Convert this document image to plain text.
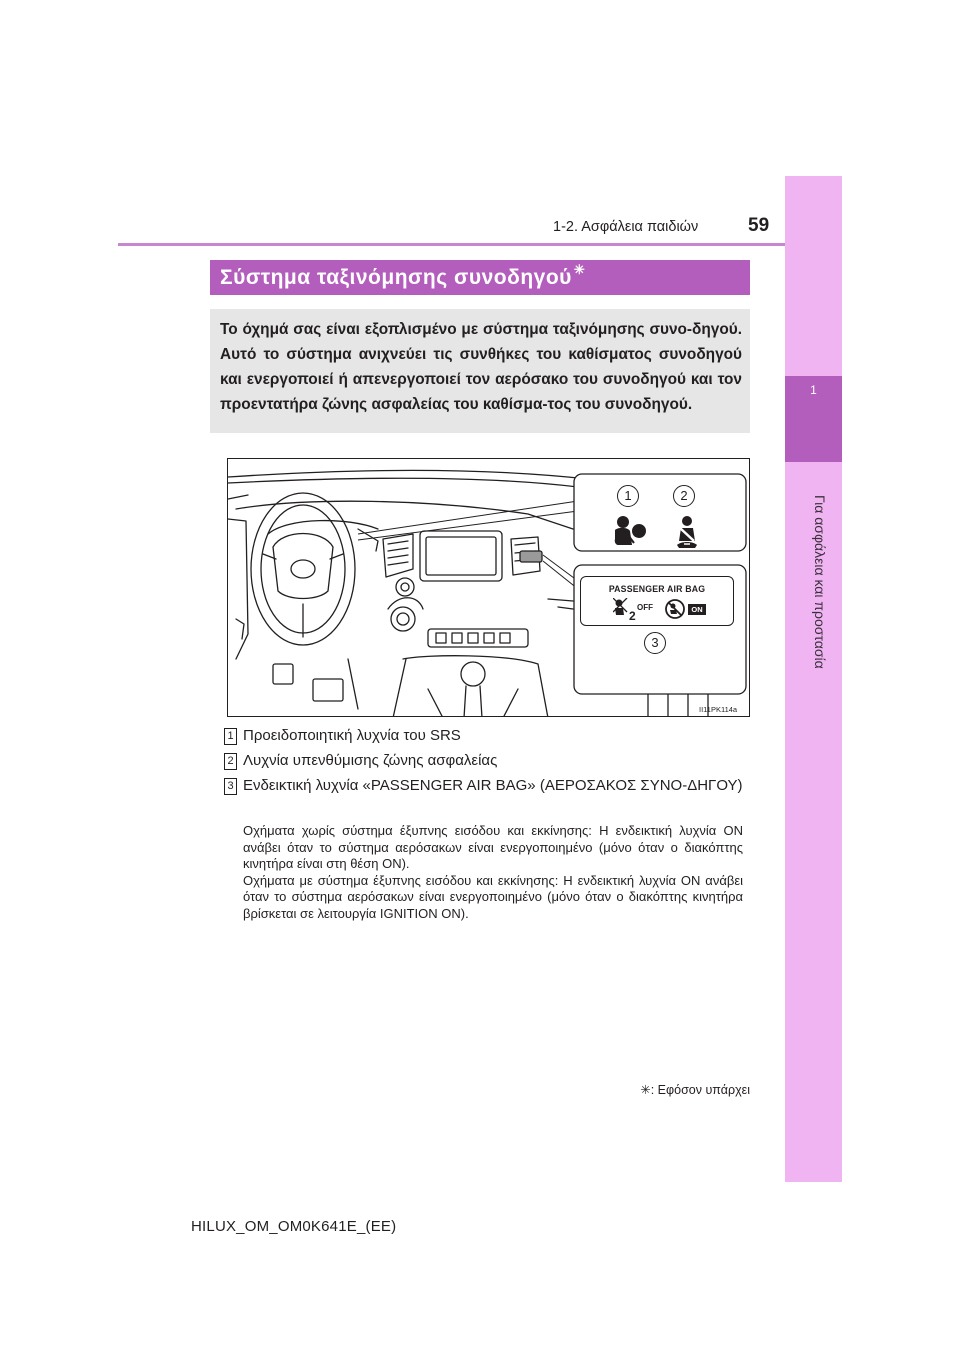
1-2. Ασφάλεια παιδιών	59
1
Για ασφάλεια και προστασία
Σύστημα ταξινόμησης συνοδηγού ✳
Το όχημά σας είναι εξοπλισμένο με σύστημα ταξινόμησης συνο-δηγού. Αυτό το σύστημα ανιχνεύει τις συνθήκες του καθίσματος συνοδηγού και ενεργοποιεί ή απενεργοποιεί τον αερόσακο του συνοδηγού και τον προεντατήρα ζώνης ασφαλείας του καθίσμα-τος του συνοδηγού.
1	2
PASSENGER AIR BAG
2
OFF	ON
3
II11PK114a
1 Προειδοποιητική λυχνία του SRS
2 Λυχνία υπενθύμισης ζώνης ασφαλείας
3 Ενδεικτική λυχνία «PASSENGER AIR BAG» (ΑΕΡΟΣΑΚΟΣ ΣΥΝΟ-ΔΗΓΟΥ)

Οχήματα χωρίς σύστημα έξυπνης εισόδου και εκκίνησης: Η ενδεικτική λυχνία ON ανάβει όταν το σύστημα αερόσακων είναι ενεργοποιημένο (μόνο όταν ο διακόπτης κινητήρα είναι στη θέση ON).

Οχήματα με σύστημα έξυπνης εισόδου και εκκίνησης: Η ενδεικτική λυχνία ON ανάβει όταν το σύστημα αερόσακων είναι ενεργοποιημένο (μόνο όταν ο διακόπτης κινητήρα βρίσκεται σε λειτουργία IGNITION ON).

✳: Εφόσον υπάρχει
HILUX_OM_OM0K641E_(EE)
